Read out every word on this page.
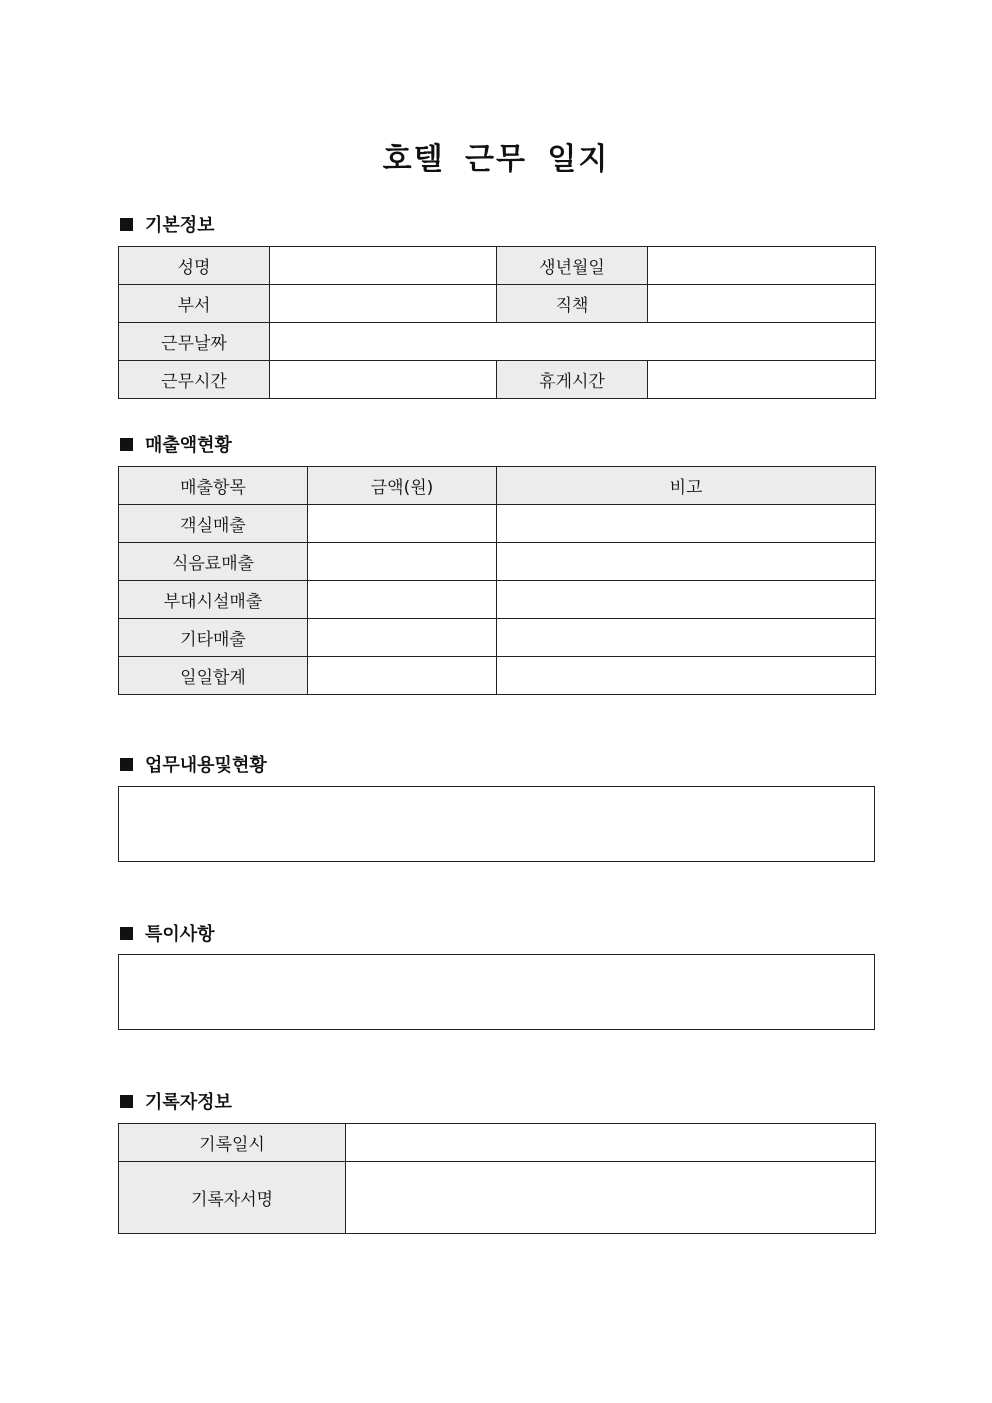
호텔 근무 일지
기본정보
성명		생년월일	
부서		직책	
근무날짜			
근무시간		휴게시간	
매출액현황
매출항목	금액(원)	비고
객실매출		
식음료매출		
부대시설매출		
기타매출		
일일합계		
업무내용및현황
특이사항
기록자정보
기록일시	
기록자서명	
